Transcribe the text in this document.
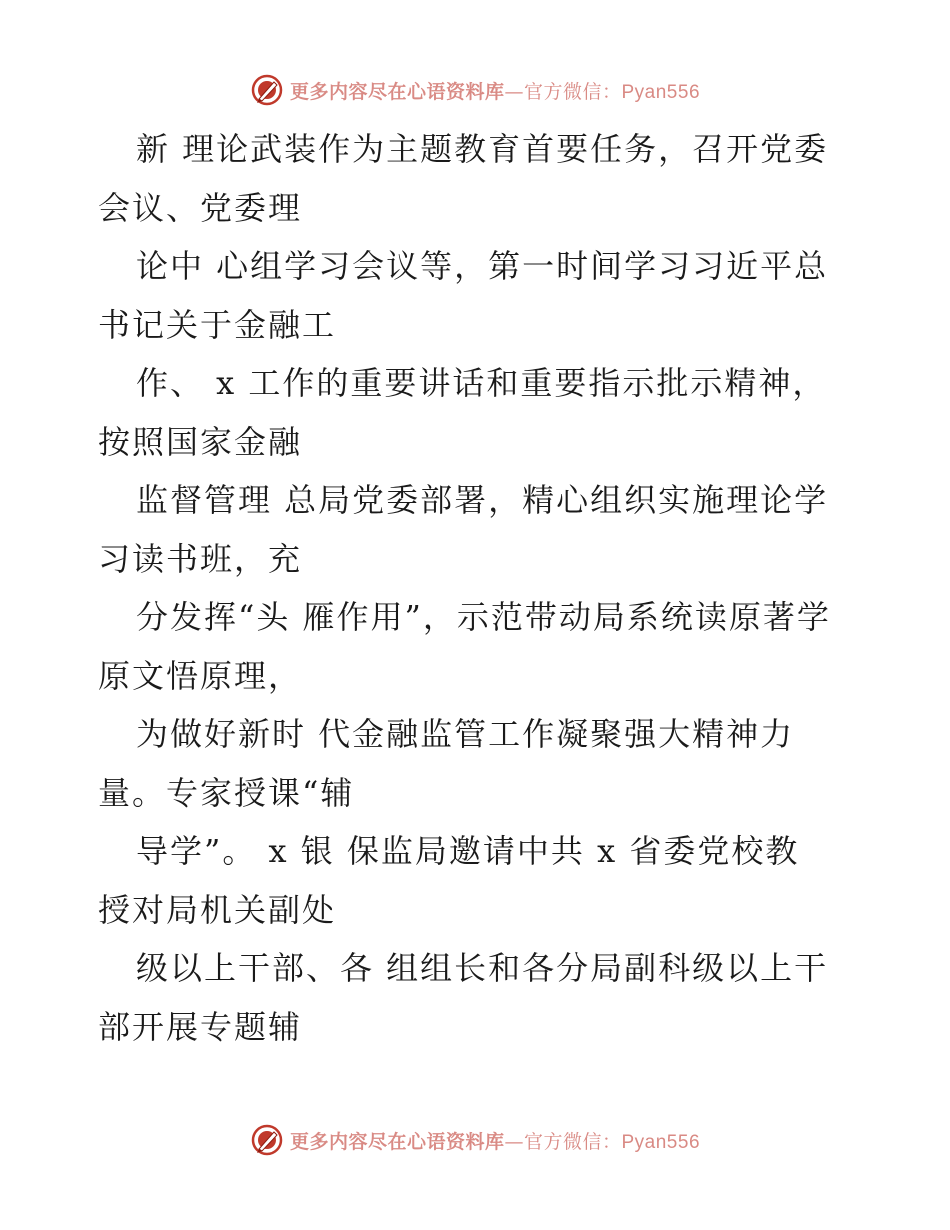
更多内容尽在心语资料库—官方微信：Pyan556
新 理论武装作为主题教育首要任务，召开党委
会议、党委理
论中 心组学习会议等，第一时间学习习近平总
书记关于金融工
作、 x 工作的重要讲话和重要指示批示精神，
按照国家金融
监督管理 总局党委部署，精心组织实施理论学
习读书班，充
分发挥“头 雁作用”，示范带动局系统读原著学
原文悟原理，
为做好新时 代金融监管工作凝聚强大精神力
量。专家授课“辅
导学”。 x 银 保监局邀请中共 x 省委党校教
授对局机关副处
级以上干部、各 组组长和各分局副科级以上干
部开展专题辅
更多内容尽在心语资料库—官方微信：Pyan556
